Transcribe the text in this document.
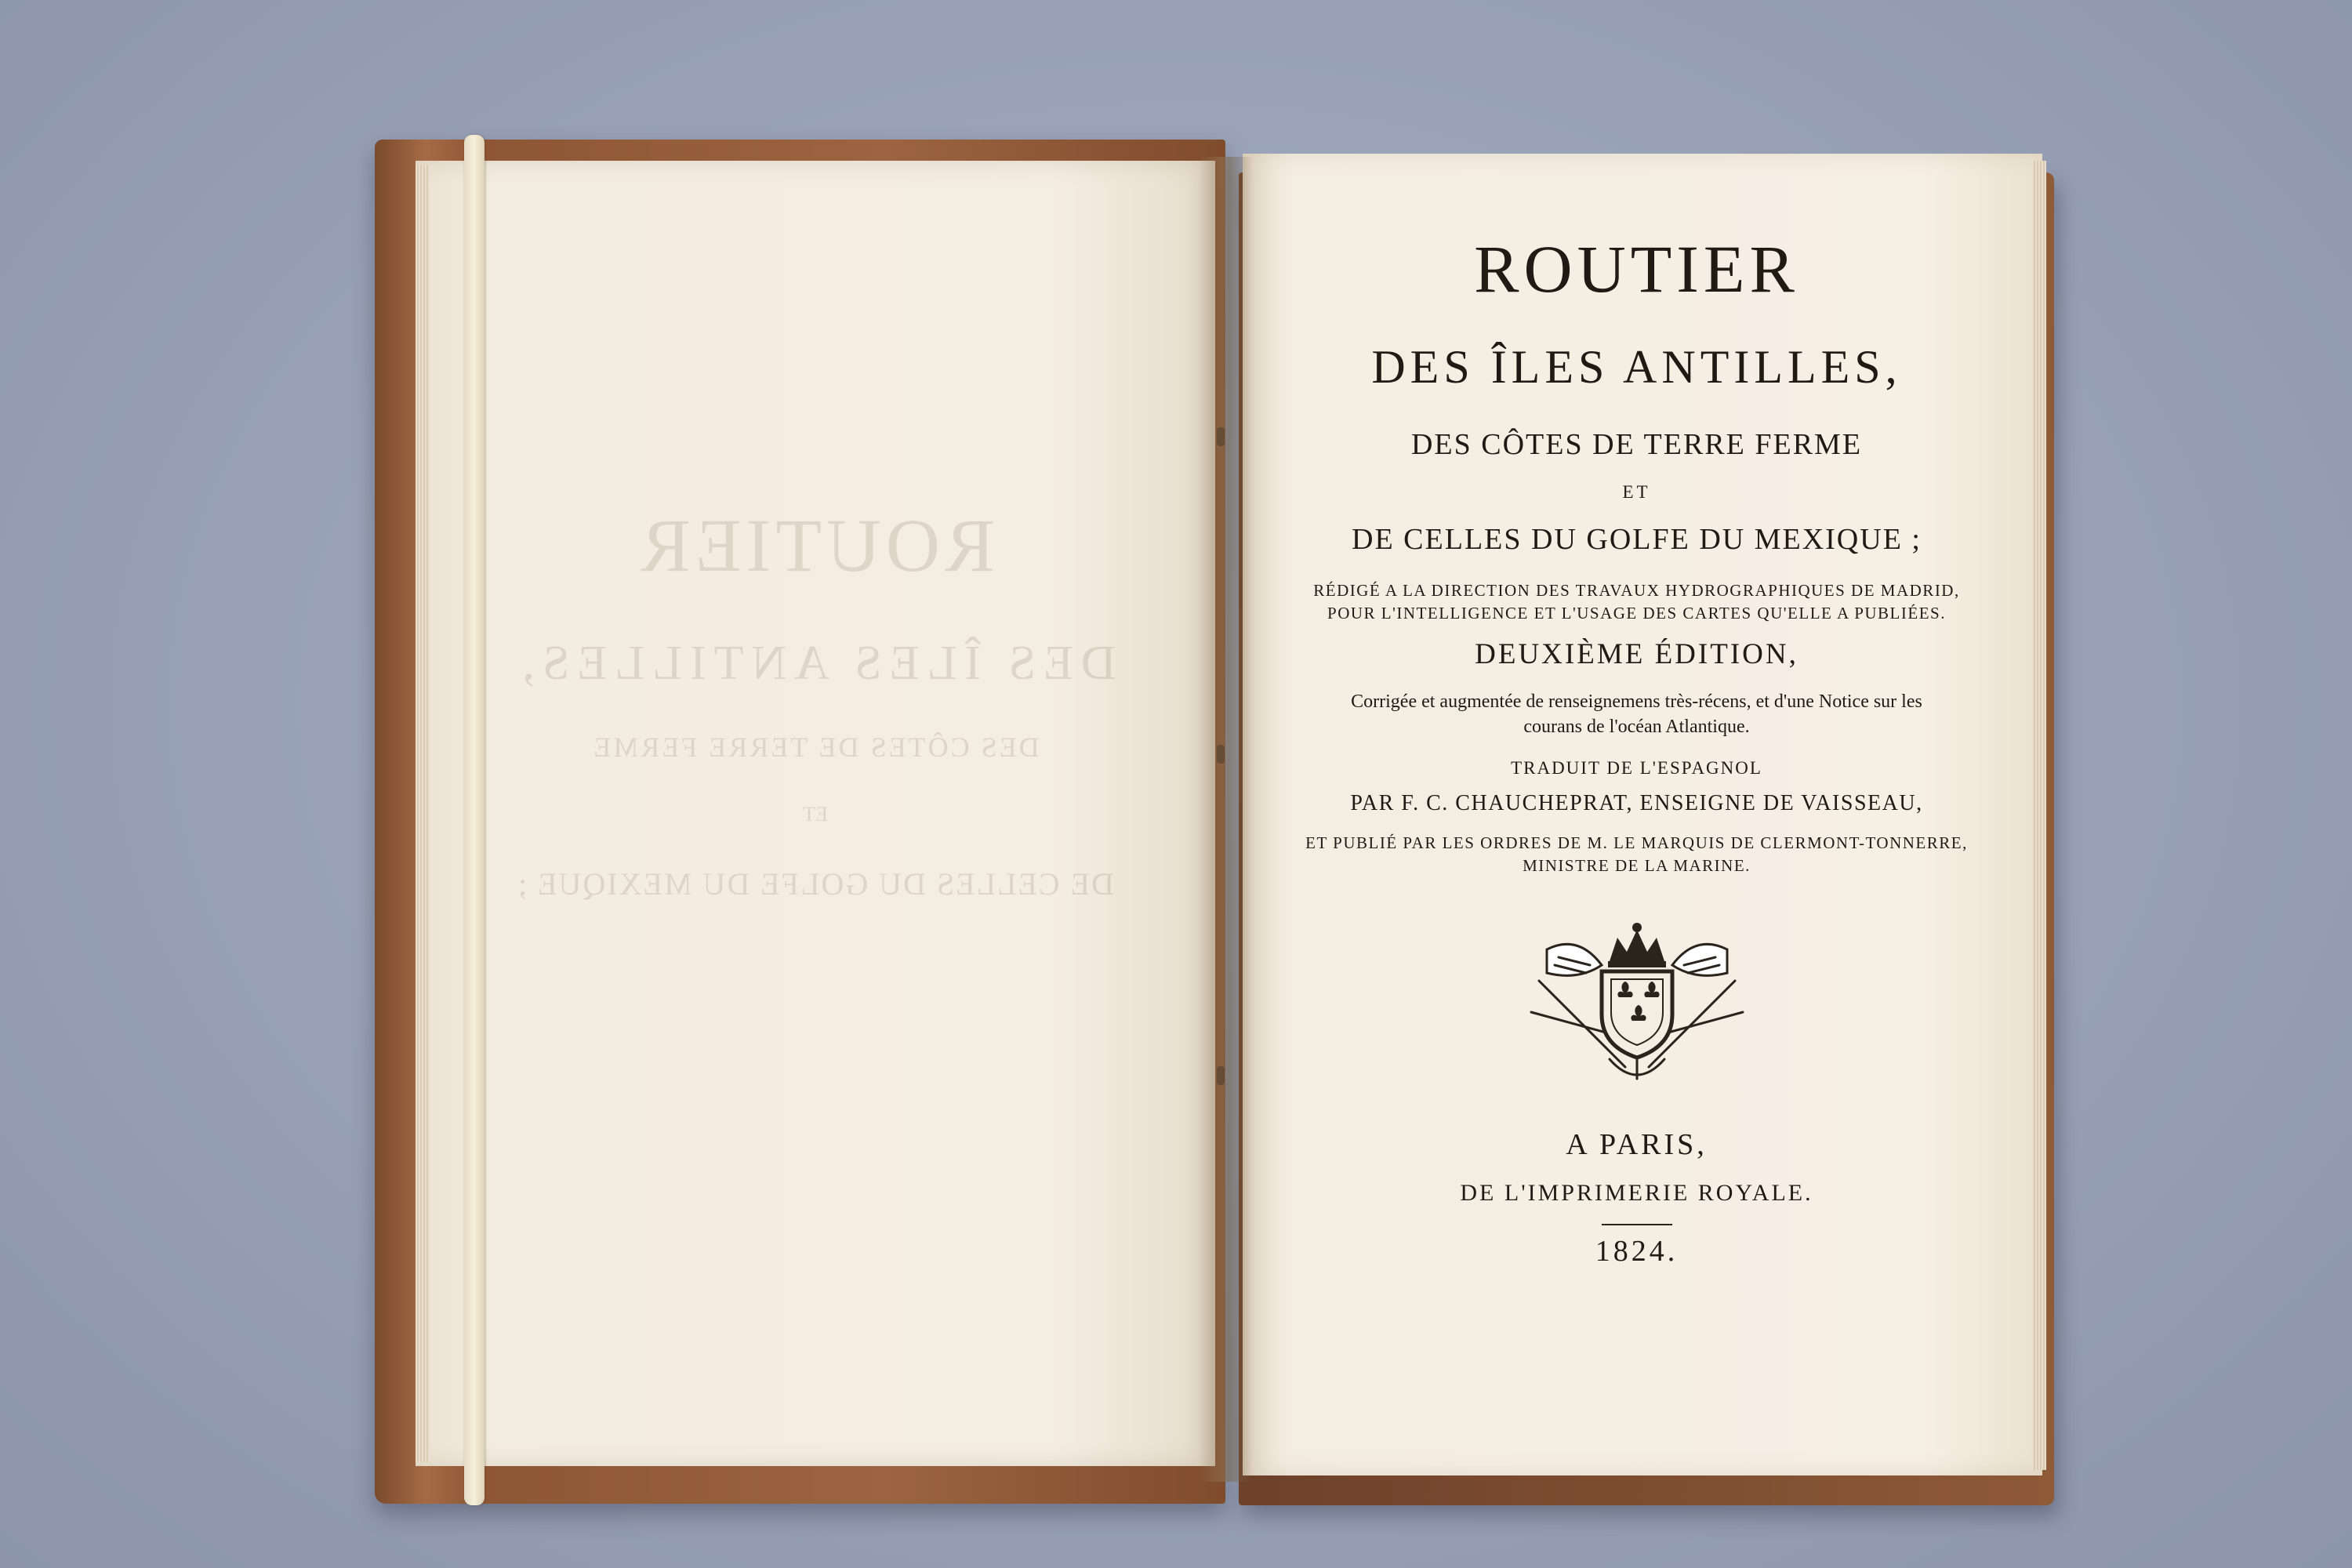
ROUTIER
DES ÎLES ANTILLES,
DES CÔTES DE TERRE FERME
ET
DE CELLES DU GOLFE DU MEXIQUE ;
ROUTIER
DES ÎLES ANTILLES,
DES CÔTES DE TERRE FERME
ET
DE CELLES DU GOLFE DU MEXIQUE ;
RÉDIGÉ A LA DIRECTION DES TRAVAUX HYDROGRAPHIQUES DE MADRID,
POUR L'INTELLIGENCE ET L'USAGE DES CARTES QU'ELLE A PUBLIÉES.
DEUXIÈME ÉDITION,
Corrigée et augmentée de renseignemens très-récens, et d'une Notice sur les
courans de l'océan Atlantique.
TRADUIT DE L'ESPAGNOL
PAR F. C. CHAUCHEPRAT, ENSEIGNE DE VAISSEAU,
ET PUBLIÉ PAR LES ORDRES DE M. LE MARQUIS DE CLERMONT-TONNERRE,
MINISTRE DE LA MARINE.
A PARIS,
DE L'IMPRIMERIE ROYALE.
1824.
